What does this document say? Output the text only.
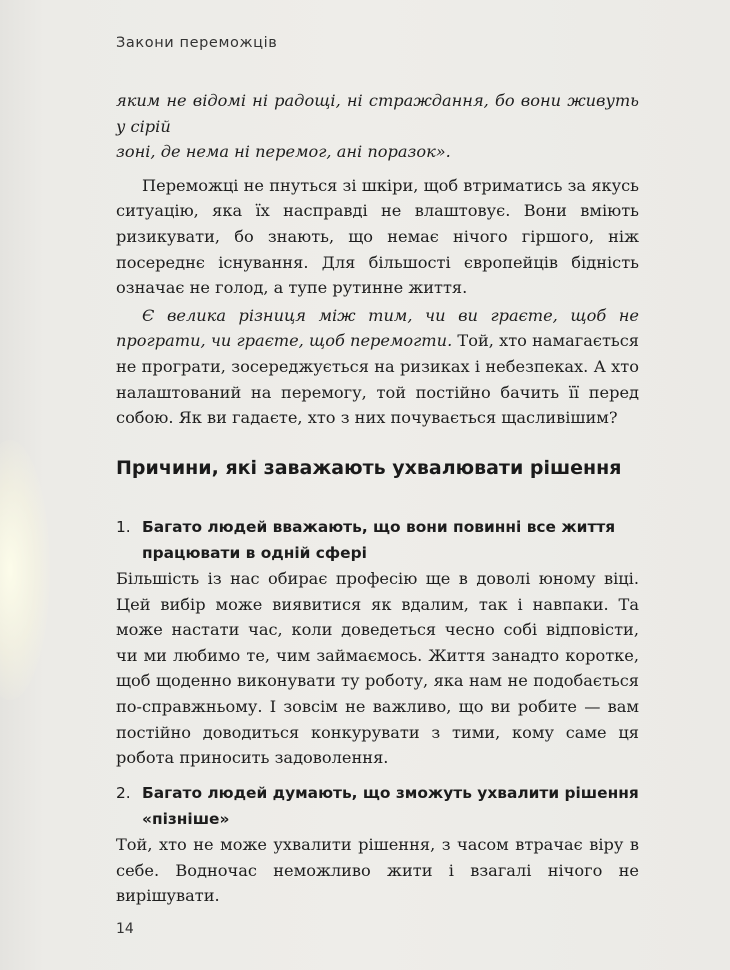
Закони переможців

яким не відомі ні радощі, ні страждання, бо вони живуть у сірій
зоні, де нема ні перемог, ані поразок».

Переможці не пнуться зі шкіри, щоб втриматись за якусь ситуацію, яка їх насправді не влаштовує. Вони вміють ризикувати, бо знають, що немає нічого гіршого, ніж посереднє існування. Для більшості європейців бідність означає не голод, а тупе рутинне життя.

Є велика різниця між тим, чи ви граєте, щоб не програти, чи граєте, щоб перемогти. Той, хто намагається не програти, зосереджується на ризиках і небезпеках. А хто налаштований на перемогу, той постійно бачить її перед собою. Як ви гадаєте, хто з них почувається щасливішим?

Причини, які заважають ухвалювати рішення
1. Багато людей вважають, що вони повинні все життя працювати в одній сфері

Більшість із нас обирає професію ще в доволі юному віці. Цей вибір може виявитися як вдалим, так і навпаки. Та може настати час, коли доведеться чесно собі відповісти, чи ми любимо те, чим займаємось. Життя занадто коротке, щоб щоденно виконувати ту роботу, яка нам не подобається по-справжньому. І зовсім не важливо, що ви робите — вам постійно доводиться конкурувати з тими, кому саме ця робота приносить задоволення.

2. Багато людей думають, що зможуть ухвалити рішення «пізніше»

Той, хто не може ухвалити рішення, з часом втрачає віру в себе. Водночас неможливо жити і взагалі нічого не вирішувати.

14
